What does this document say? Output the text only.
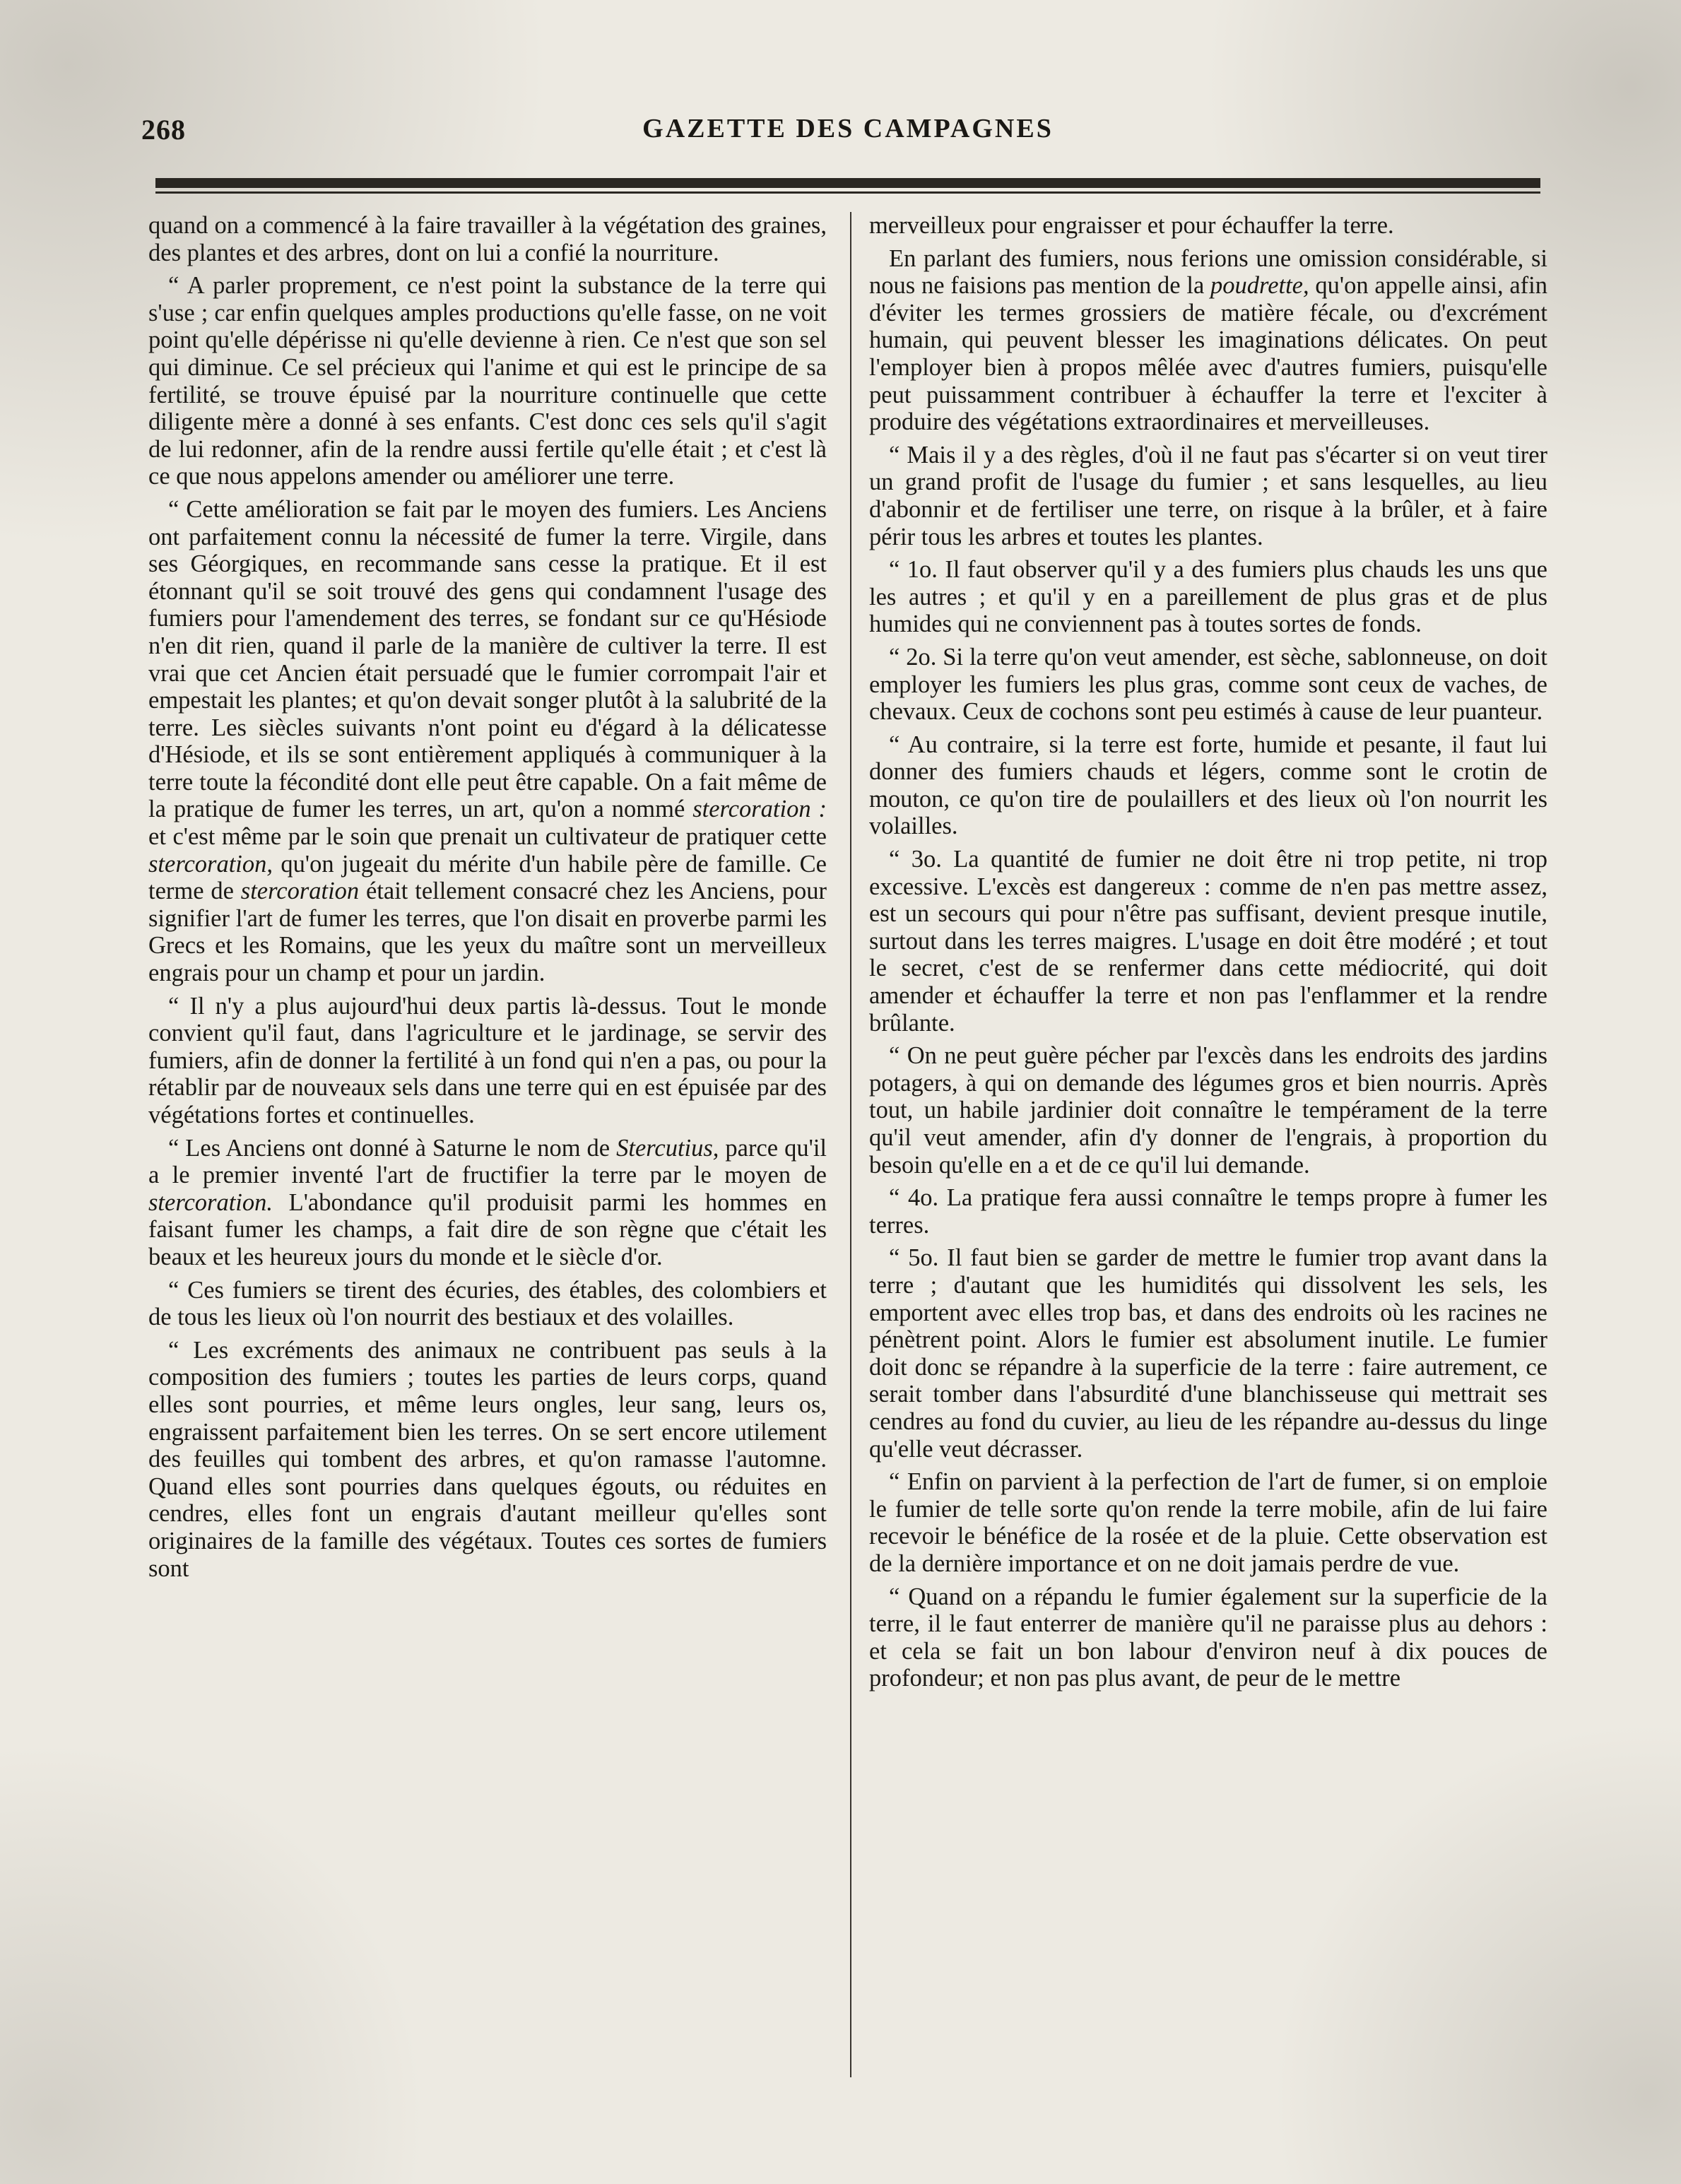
268	GAZETTE DES CAMPAGNES

quand on a commencé à la faire travailler à la végétation des graines, des plantes et des arbres, dont on lui a confié la nourriture.

“ A parler proprement, ce n'est point la substance de la terre qui s'use ; car enfin quelques amples productions qu'elle fasse, on ne voit point qu'elle dépérisse ni qu'elle devienne à rien. Ce n'est que son sel qui diminue. Ce sel précieux qui l'anime et qui est le principe de sa fertilité, se trouve épuisé par la nourriture continuelle que cette diligente mère a donné à ses enfants. C'est donc ces sels qu'il s'agit de lui redonner, afin de la rendre aussi fertile qu'elle était ; et c'est là ce que nous appelons amender ou améliorer une terre.

“ Cette amélioration se fait par le moyen des fumiers. Les Anciens ont parfaitement connu la nécessité de fumer la terre. Virgile, dans ses Géorgiques, en recommande sans cesse la pratique. Et il est étonnant qu'il se soit trouvé des gens qui condamnent l'usage des fumiers pour l'amendement des terres, se fondant sur ce qu'Hésiode n'en dit rien, quand il parle de la manière de cultiver la terre. Il est vrai que cet Ancien était persuadé que le fumier corrompait l'air et empestait les plantes; et qu'on devait songer plutôt à la salubrité de la terre. Les siècles suivants n'ont point eu d'égard à la délicatesse d'Hésiode, et ils se sont entièrement appliqués à communiquer à la terre toute la fécondité dont elle peut être capable. On a fait même de la pratique de fumer les terres, un art, qu'on a nommé stercoration : et c'est même par le soin que prenait un cultivateur de pratiquer cette stercoration, qu'on jugeait du mérite d'un habile père de famille. Ce terme de stercoration était tellement consacré chez les Anciens, pour signifier l'art de fumer les terres, que l'on disait en proverbe parmi les Grecs et les Romains, que les yeux du maître sont un merveilleux engrais pour un champ et pour un jardin.

“ Il n'y a plus aujourd'hui deux partis là-dessus. Tout le monde convient qu'il faut, dans l'agriculture et le jardinage, se servir des fumiers, afin de donner la fertilité à un fond qui n'en a pas, ou pour la rétablir par de nouveaux sels dans une terre qui en est épuisée par des végétations fortes et continuelles.

“ Les Anciens ont donné à Saturne le nom de Stercutius, parce qu'il a le premier inventé l'art de fructifier la terre par le moyen de stercoration. L'abondance qu'il produisit parmi les hommes en faisant fumer les champs, a fait dire de son règne que c'était les beaux et les heureux jours du monde et le siècle d'or.

“ Ces fumiers se tirent des écuries, des étables, des colombiers et de tous les lieux où l'on nourrit des bestiaux et des volailles.

“ Les excréments des animaux ne contribuent pas seuls à la composition des fumiers ; toutes les parties de leurs corps, quand elles sont pourries, et même leurs ongles, leur sang, leurs os, engraissent parfaitement bien les terres. On se sert encore utilement des feuilles qui tombent des arbres, et qu'on ramasse l'automne. Quand elles sont pourries dans quelques égouts, ou réduites en cendres, elles font un engrais d'autant meilleur qu'elles sont originaires de la famille des végétaux. Toutes ces sortes de fumiers sont

merveilleux pour engraisser et pour échauffer la terre.

En parlant des fumiers, nous ferions une omission considérable, si nous ne faisions pas mention de la poudrette, qu'on appelle ainsi, afin d'éviter les termes grossiers de matière fécale, ou d'excrément humain, qui peuvent blesser les imaginations délicates. On peut l'employer bien à propos mêlée avec d'autres fumiers, puisqu'elle peut puissamment contribuer à échauffer la terre et l'exciter à produire des végétations extraordinaires et merveilleuses.

“ Mais il y a des règles, d'où il ne faut pas s'écarter si on veut tirer un grand profit de l'usage du fumier ; et sans lesquelles, au lieu d'abonnir et de fertiliser une terre, on risque à la brûler, et à faire périr tous les arbres et toutes les plantes.

“ 1o. Il faut observer qu'il y a des fumiers plus chauds les uns que les autres ; et qu'il y en a pareillement de plus gras et de plus humides qui ne conviennent pas à toutes sortes de fonds.

“ 2o. Si la terre qu'on veut amender, est sèche, sablonneuse, on doit employer les fumiers les plus gras, comme sont ceux de vaches, de chevaux. Ceux de cochons sont peu estimés à cause de leur puanteur.

“ Au contraire, si la terre est forte, humide et pesante, il faut lui donner des fumiers chauds et légers, comme sont le crotin de mouton, ce qu'on tire de poulaillers et des lieux où l'on nourrit les volailles.

“ 3o. La quantité de fumier ne doit être ni trop petite, ni trop excessive. L'excès est dangereux : comme de n'en pas mettre assez, est un secours qui pour n'être pas suffisant, devient presque inutile, surtout dans les terres maigres. L'usage en doit être modéré ; et tout le secret, c'est de se renfermer dans cette médiocrité, qui doit amender et échauffer la terre et non pas l'enflammer et la rendre brûlante.

“ On ne peut guère pécher par l'excès dans les endroits des jardins potagers, à qui on demande des légumes gros et bien nourris. Après tout, un habile jardinier doit connaître le tempérament de la terre qu'il veut amender, afin d'y donner de l'engrais, à proportion du besoin qu'elle en a et de ce qu'il lui demande.

“ 4o. La pratique fera aussi connaître le temps propre à fumer les terres.

“ 5o. Il faut bien se garder de mettre le fumier trop avant dans la terre ; d'autant que les humidités qui dissolvent les sels, les emportent avec elles trop bas, et dans des endroits où les racines ne pénètrent point. Alors le fumier est absolument inutile. Le fumier doit donc se répandre à la superficie de la terre : faire autrement, ce serait tomber dans l'absurdité d'une blanchisseuse qui mettrait ses cendres au fond du cuvier, au lieu de les répandre au-dessus du linge qu'elle veut décrasser.

“ Enfin on parvient à la perfection de l'art de fumer, si on emploie le fumier de telle sorte qu'on rende la terre mobile, afin de lui faire recevoir le bénéfice de la rosée et de la pluie. Cette observation est de la dernière importance et on ne doit jamais perdre de vue.

“ Quand on a répandu le fumier également sur la superficie de la terre, il le faut enterrer de manière qu'il ne paraisse plus au dehors : et cela se fait un bon labour d'environ neuf à dix pouces de profondeur; et non pas plus avant, de peur de le mettre
